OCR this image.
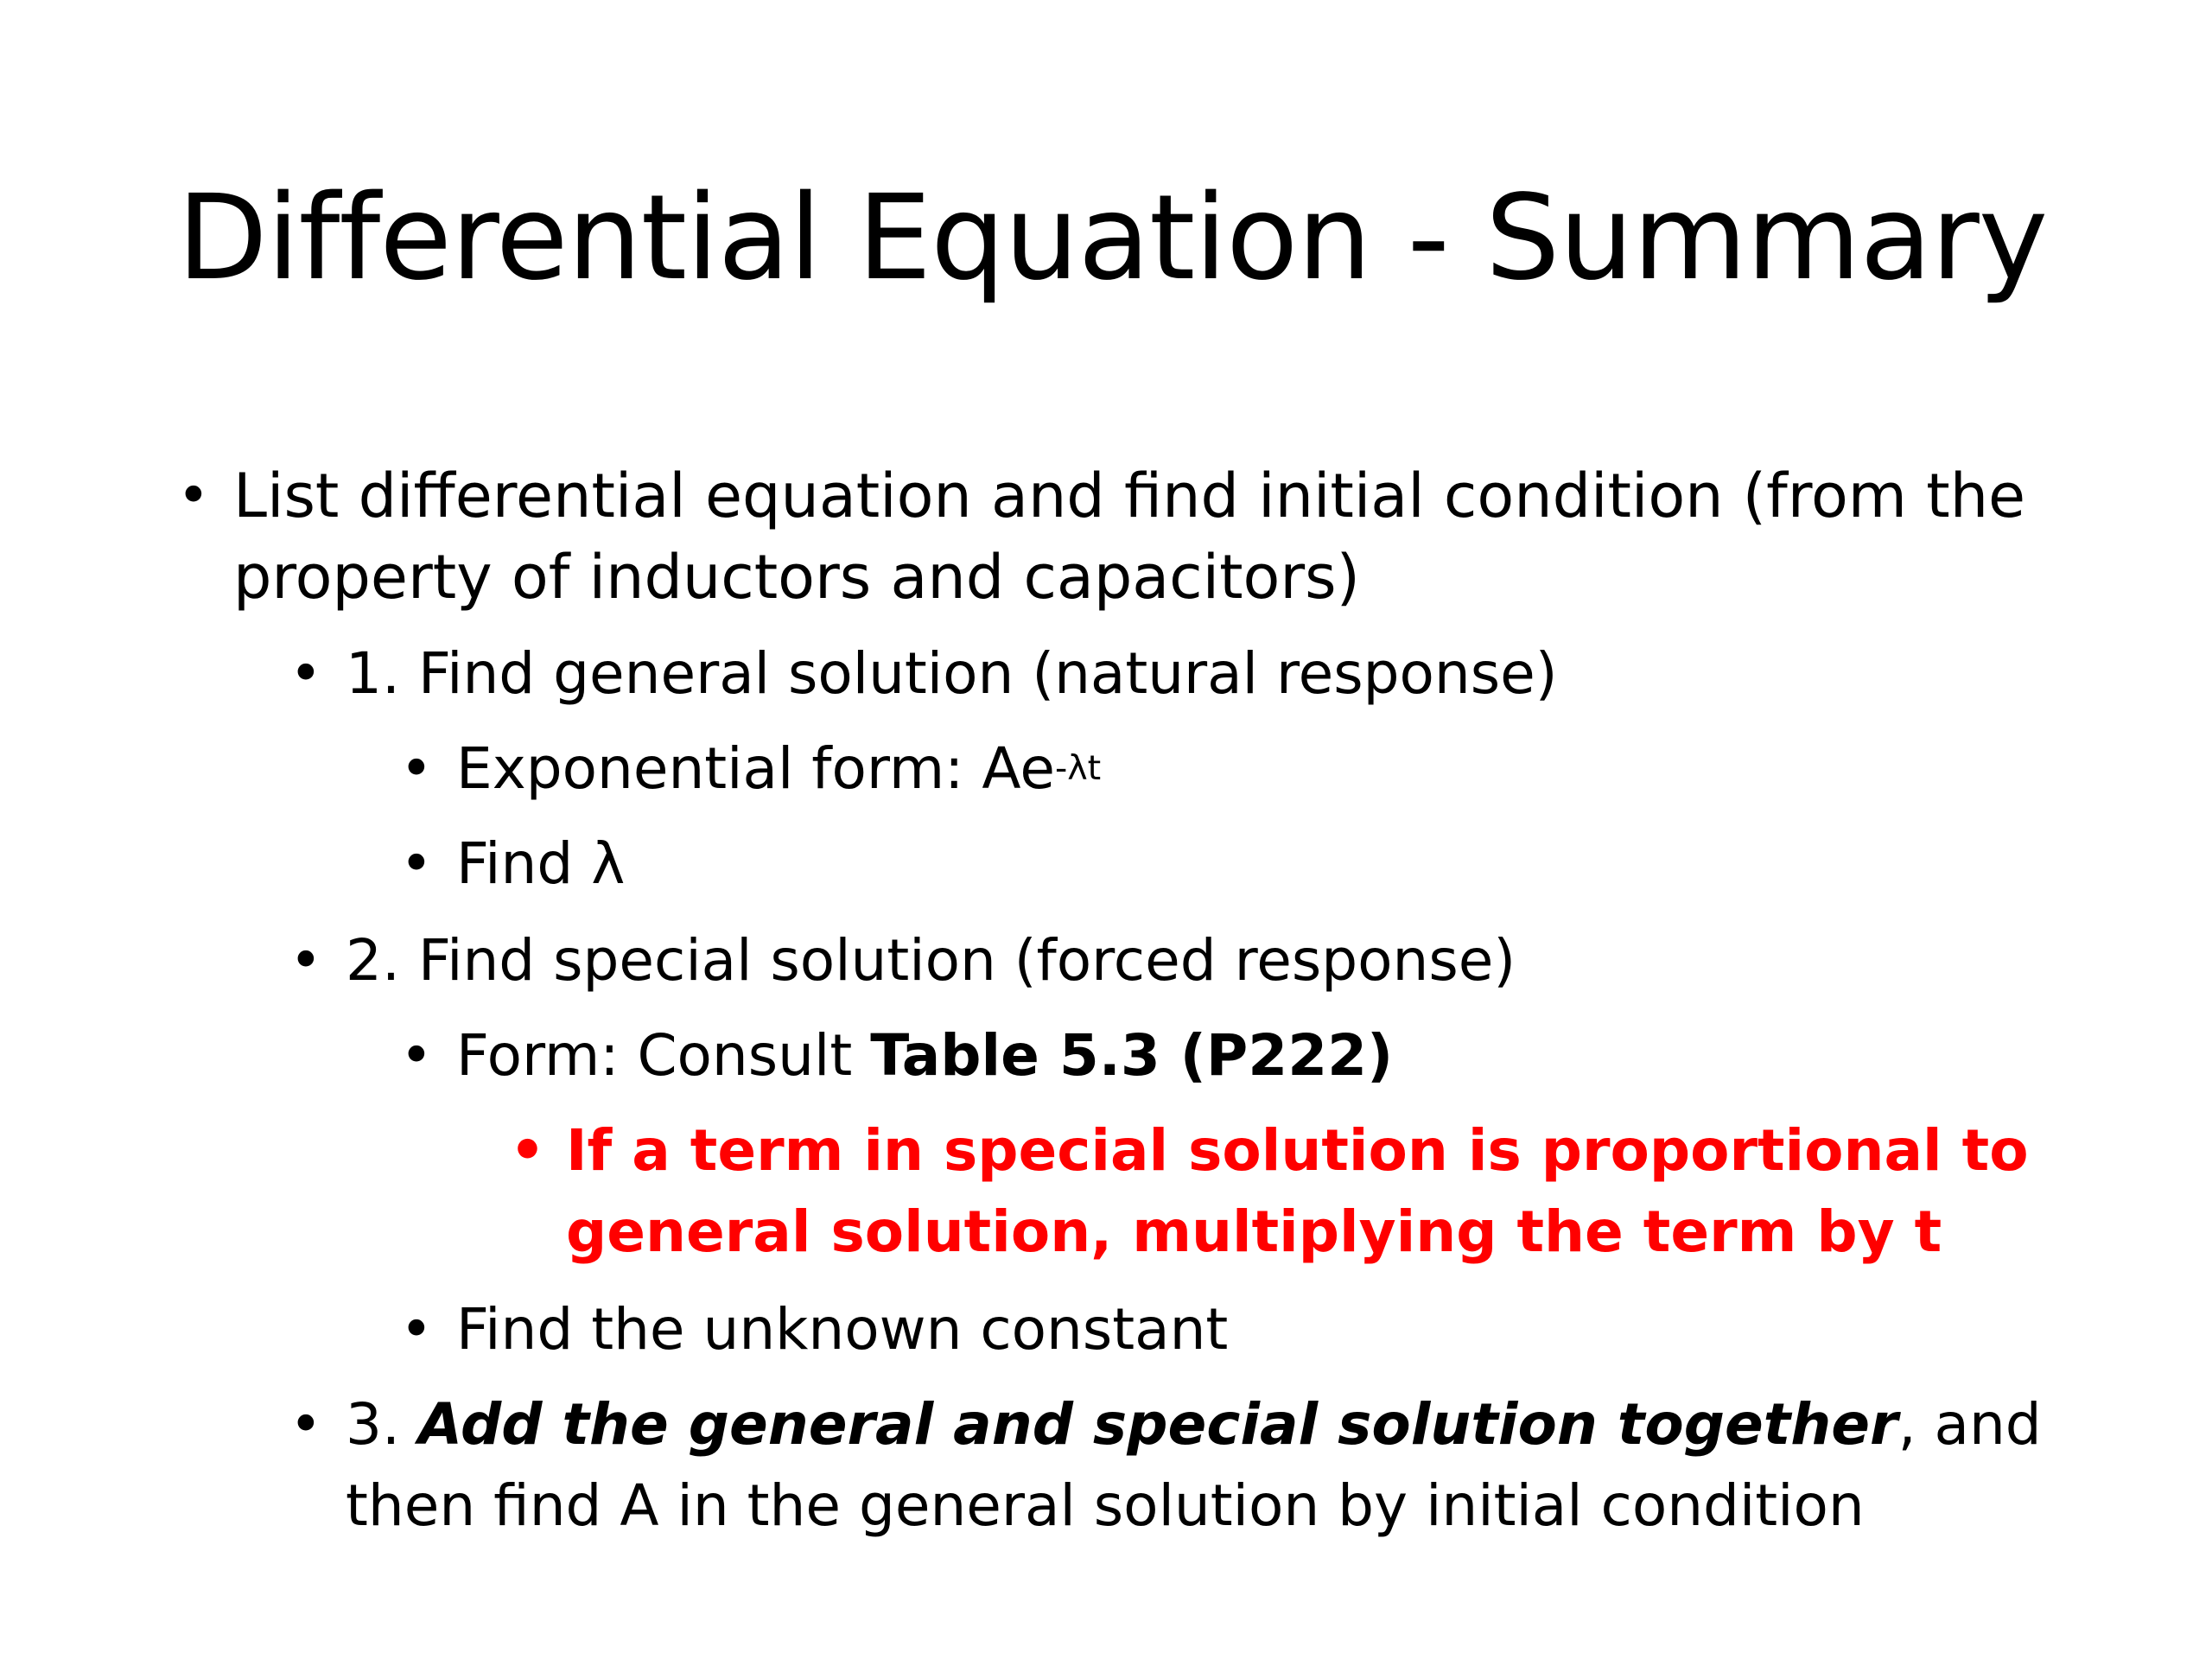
Differential Equation - Summary
• List differential equation and find initial condition (from the property of inductors and capacitors)
• 1. Find general solution (natural response)
• Exponential form: $Ae^{-\lambda t}$
• Find λ
• 2. Find special solution (forced response)
• Form: Consult Table 5.3 (P222)
• If a term in special solution is proportional to general solution, multiplying the term by t
• Find the unknown constant
• 3. Add the general and special solution together, and then find A in the general solution by initial condition
